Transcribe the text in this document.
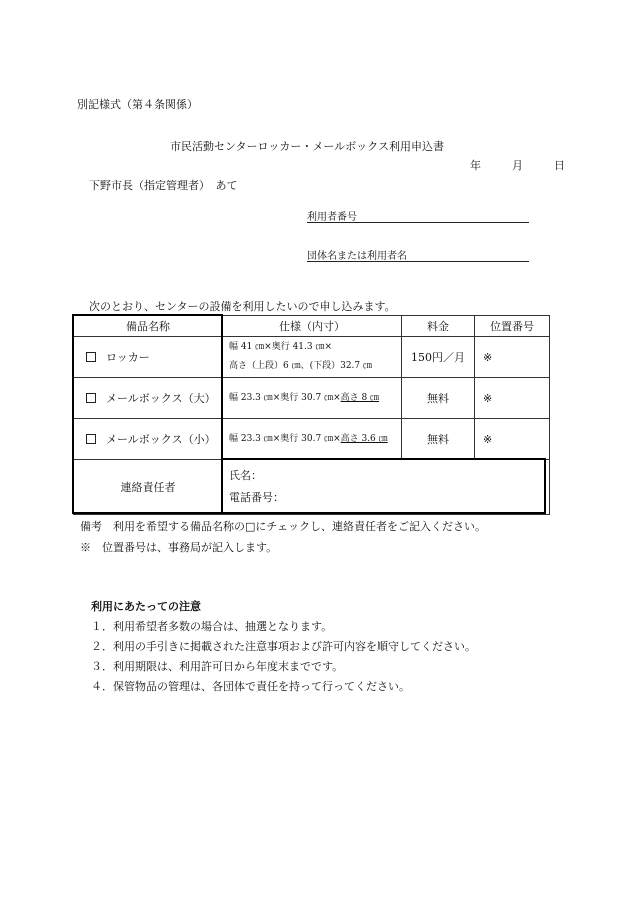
別記様式（第４条関係）
市民活動センターロッカー・メールボックス利用申込書
年	月	日
下野市長（指定管理者）　あて
利用者番号
団体名または利用者名
次のとおり、センターの設備を利用したいので申し込みます。
備品名称	仕様（内寸）	料金	位置番号
ロッカー	幅 41 ㎝×奥行 41.3 ㎝×
高さ（上段）6 ㎝、(下段）32.7 ㎝	150円／月	※
メールボックス（大）	幅 23.3 ㎝×奥行 30.7 ㎝×高さ 8 ㎝	無料	※
メールボックス（小）	幅 23.3 ㎝×奥行 30.7 ㎝×高さ 3.6 ㎝	無料	※
連絡責任者	氏名：
電話番号：		
備考　利用を希望する備品名称の□にチェックし、連絡責任者をご記入ください。
※　位置番号は、事務局が記入します。
利用にあたっての注意
１．利用希望者多数の場合は、抽選となります。
２．利用の手引きに掲載された注意事項および許可内容を順守してください。
３．利用期限は、利用許可日から年度末までです。
４．保管物品の管理は、各団体で責任を持って行ってください。
